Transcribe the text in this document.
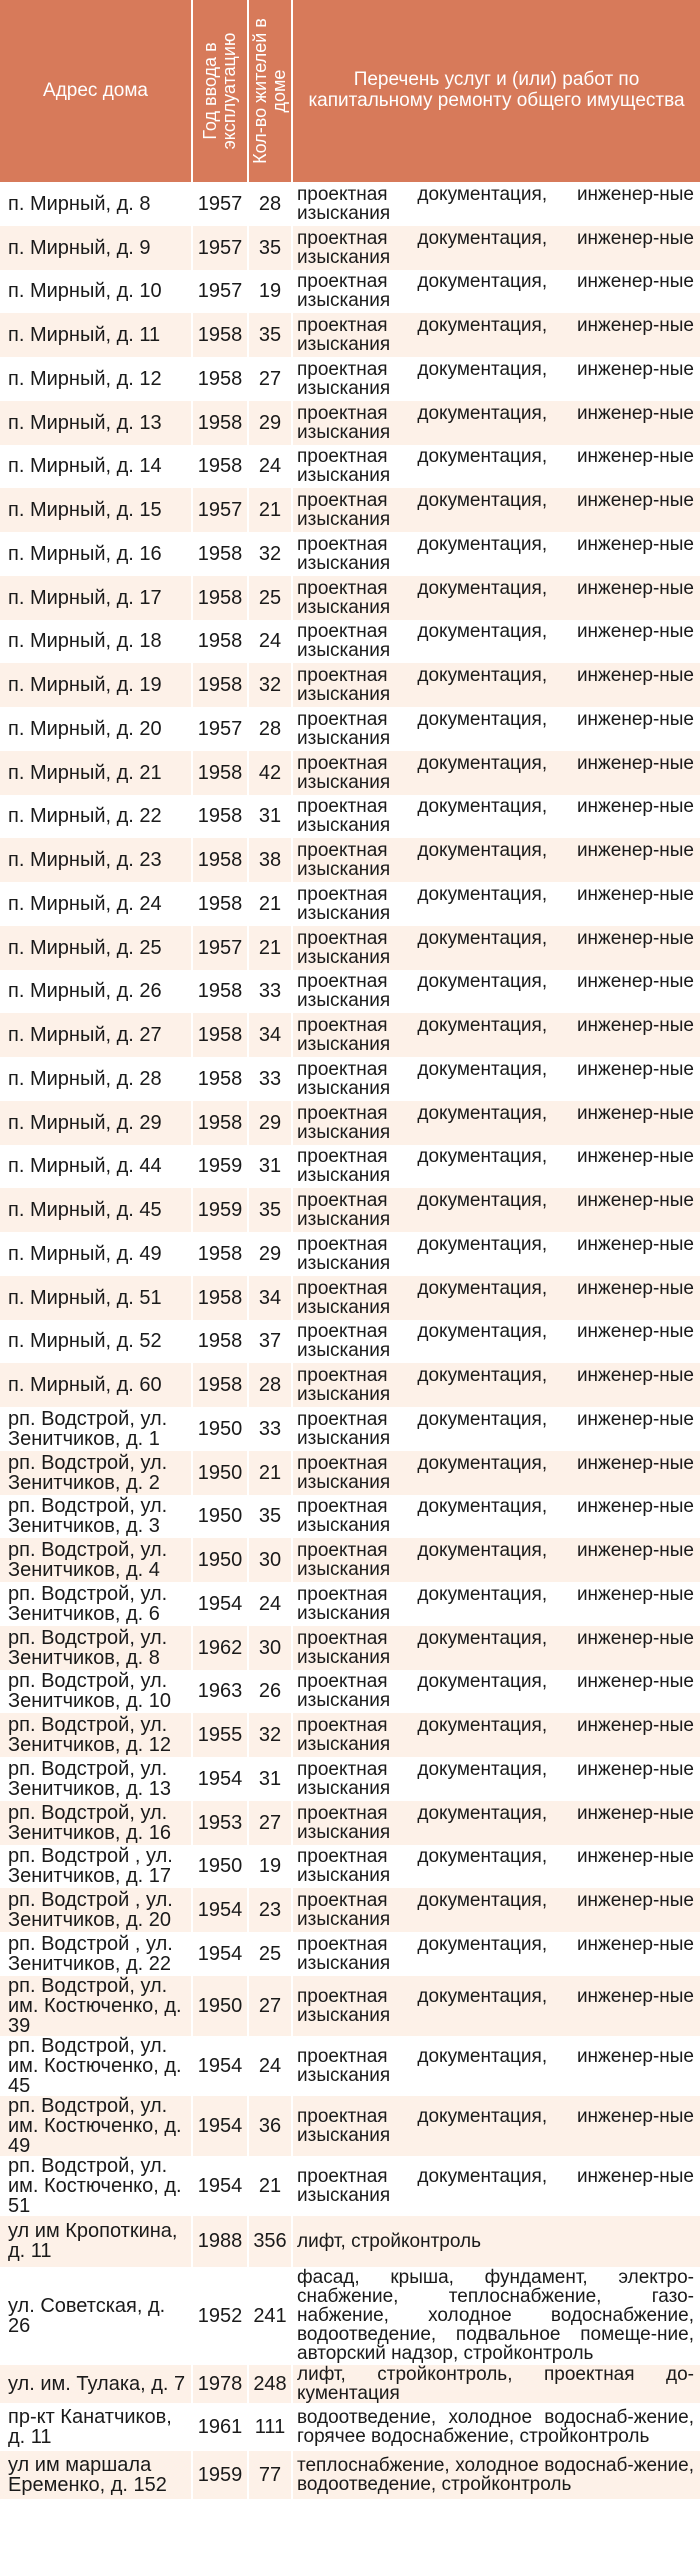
Адрес дома	Год ввода в эксплуатацию	Кол-во жителей в доме	Перечень услуг и (или) работ по капитальному ремонту общего имущества
п. Мирный, д. 8	1957	28	проектная документация, инженер-ные изыскания
п. Мирный, д. 9	1957	35	проектная документация, инженер-ные изыскания
п. Мирный, д. 10	1957	19	проектная документация, инженер-ные изыскания
п. Мирный, д. 11	1958	35	проектная документация, инженер-ные изыскания
п. Мирный, д. 12	1958	27	проектная документация, инженер-ные изыскания
п. Мирный, д. 13	1958	29	проектная документация, инженер-ные изыскания
п. Мирный, д. 14	1958	24	проектная документация, инженер-ные изыскания
п. Мирный, д. 15	1957	21	проектная документация, инженер-ные изыскания
п. Мирный, д. 16	1958	32	проектная документация, инженер-ные изыскания
п. Мирный, д. 17	1958	25	проектная документация, инженер-ные изыскания
п. Мирный, д. 18	1958	24	проектная документация, инженер-ные изыскания
п. Мирный, д. 19	1958	32	проектная документация, инженер-ные изыскания
п. Мирный, д. 20	1957	28	проектная документация, инженер-ные изыскания
п. Мирный, д. 21	1958	42	проектная документация, инженер-ные изыскания
п. Мирный, д. 22	1958	31	проектная документация, инженер-ные изыскания
п. Мирный, д. 23	1958	38	проектная документация, инженер-ные изыскания
п. Мирный, д. 24	1958	21	проектная документация, инженер-ные изыскания
п. Мирный, д. 25	1957	21	проектная документация, инженер-ные изыскания
п. Мирный, д. 26	1958	33	проектная документация, инженер-ные изыскания
п. Мирный, д. 27	1958	34	проектная документация, инженер-ные изыскания
п. Мирный, д. 28	1958	33	проектная документация, инженер-ные изыскания
п. Мирный, д. 29	1958	29	проектная документация, инженер-ные изыскания
п. Мирный, д. 44	1959	31	проектная документация, инженер-ные изыскания
п. Мирный, д. 45	1959	35	проектная документация, инженер-ные изыскания
п. Мирный, д. 49	1958	29	проектная документация, инженер-ные изыскания
п. Мирный, д. 51	1958	34	проектная документация, инженер-ные изыскания
п. Мирный, д. 52	1958	37	проектная документация, инженер-ные изыскания
п. Мирный, д. 60	1958	28	проектная документация, инженер-ные изыскания
рп. Водстрой, ул. Зенитчиков, д. 1	1950	33	проектная документация, инженер-ные изыскания
рп. Водстрой, ул. Зенитчиков, д. 2	1950	21	проектная документация, инженер-ные изыскания
рп. Водстрой, ул. Зенитчиков, д. 3	1950	35	проектная документация, инженер-ные изыскания
рп. Водстрой, ул. Зенитчиков, д. 4	1950	30	проектная документация, инженер-ные изыскания
рп. Водстрой, ул. Зенитчиков, д. 6	1954	24	проектная документация, инженер-ные изыскания
рп. Водстрой, ул. Зенитчиков, д. 8	1962	30	проектная документация, инженер-ные изыскания
рп. Водстрой, ул. Зенитчиков, д. 10	1963	26	проектная документация, инженер-ные изыскания
рп. Водстрой, ул. Зенитчиков, д. 12	1955	32	проектная документация, инженер-ные изыскания
рп. Водстрой, ул. Зенитчиков, д. 13	1954	31	проектная документация, инженер-ные изыскания
рп. Водстрой, ул. Зенитчиков, д. 16	1953	27	проектная документация, инженер-ные изыскания
рп. Водстрой , ул. Зенитчиков, д. 17	1950	19	проектная документация, инженер-ные изыскания
рп. Водстрой , ул. Зенитчиков, д. 20	1954	23	проектная документация, инженер-ные изыскания
рп. Водстрой , ул. Зенитчиков, д. 22	1954	25	проектная документация, инженер-ные изыскания
рп. Водстрой, ул. им. Костюченко, д. 39	1950	27	проектная документация, инженер-ные изыскания
рп. Водстрой, ул. им. Костюченко, д. 45	1954	24	проектная документация, инженер-ные изыскания
рп. Водстрой, ул. им. Костюченко, д. 49	1954	36	проектная документация, инженер-ные изыскания
рп. Водстрой, ул. им. Костюченко, д. 51	1954	21	проектная документация, инженер-ные изыскания
ул им Кропоткина, д. 11	1988	356	лифт, стройконтроль
ул. Советская, д. 26	1952	241	фасад, крыша, фундамент, электро-снабжение, теплоснабжение, газо-набжение, холодное водоснабжение, водоотведение, подвальное помеще-ние, авторский надзор, стройконтроль
ул. им. Тулака, д. 7	1978	248	лифт, стройконтроль, проектная до-кументация
пр-кт Канатчиков, д. 11	1961	111	водоотведение, холодное водоснаб-жение, горячее водоснабжение, стройконтроль
ул им маршала Еременко, д. 152	1959	77	теплоснабжение, холодное водоснаб-жение, водоотведение, стройконтроль
